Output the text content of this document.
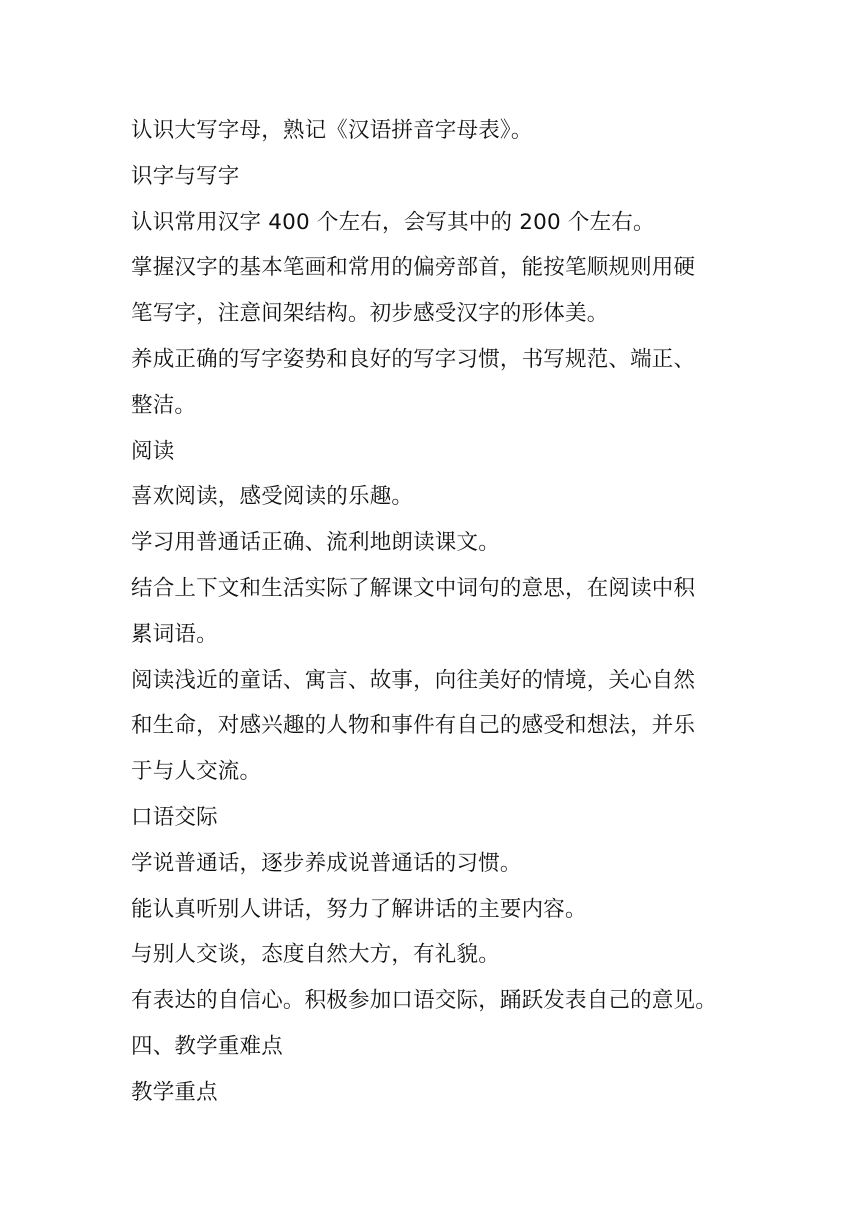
认识大写字母，熟记《汉语拼音字母表》。
识字与写字
认识常用汉字 400 个左右，会写其中的 200 个左右。
掌握汉字的基本笔画和常用的偏旁部首，能按笔顺规则用硬
笔写字，注意间架结构。初步感受汉字的形体美。
养成正确的写字姿势和良好的写字习惯，书写规范、端正、
整洁。
阅读
喜欢阅读，感受阅读的乐趣。
学习用普通话正确、流利地朗读课文。
结合上下文和生活实际了解课文中词句的意思，在阅读中积
累词语。
阅读浅近的童话、寓言、故事，向往美好的情境，关心自然
和生命，对感兴趣的人物和事件有自己的感受和想法，并乐
于与人交流。
口语交际
学说普通话，逐步养成说普通话的习惯。
能认真听别人讲话，努力了解讲话的主要内容。
与别人交谈，态度自然大方，有礼貌。
有表达的自信心。积极参加口语交际，踊跃发表自己的意见。
四、教学重难点
教学重点
